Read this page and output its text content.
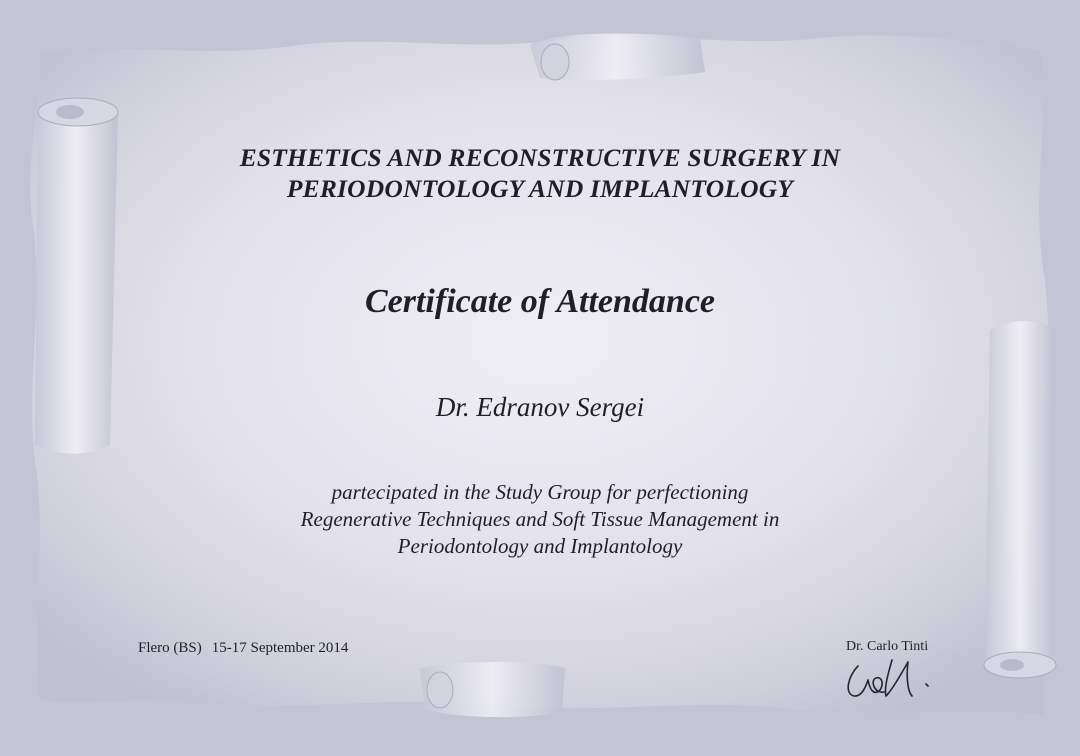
ESTHETICS AND RECONSTRUCTIVE SURGERY IN
PERIODONTOLOGY AND IMPLANTOLOGY
Certificate of Attendance
Dr. Edranov Sergei
partecipated in the Study Group for perfectioning
Regenerative Techniques and Soft Tissue Management in
Periodontology and Implantology
Flero (BS) 15-17 September 2014	Dr. Carlo Tinti
